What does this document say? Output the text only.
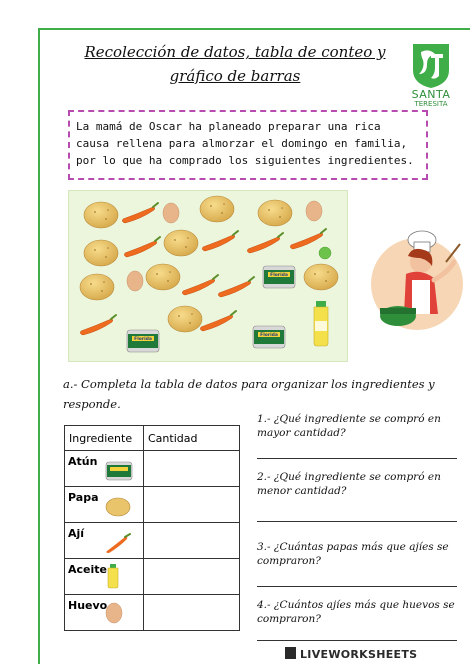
Recolección de datos, tabla de conteo y
gráfico de barras
SANTA
TERESITA
La mamá de Oscar ha planeado preparar una rica causa rellena para almorzar el domingo en familia, por lo que ha comprado los siguientes ingredientes.
Florida
a.- Completa la tabla de datos para organizar los ingredientes y responde.
Ingrediente	Cantidad

Atún	

Papa	

Ají	

Aceite	

Huevo	

1.- ¿Qué ingrediente se compró en mayor cantidad?
2.- ¿Qué ingrediente se compró en menor cantidad?
3.- ¿Cuántas papas más que ajíes se compraron?
4.- ¿Cuántos ajíes más que huevos se compraron?
LIVEWORKSHEETS
